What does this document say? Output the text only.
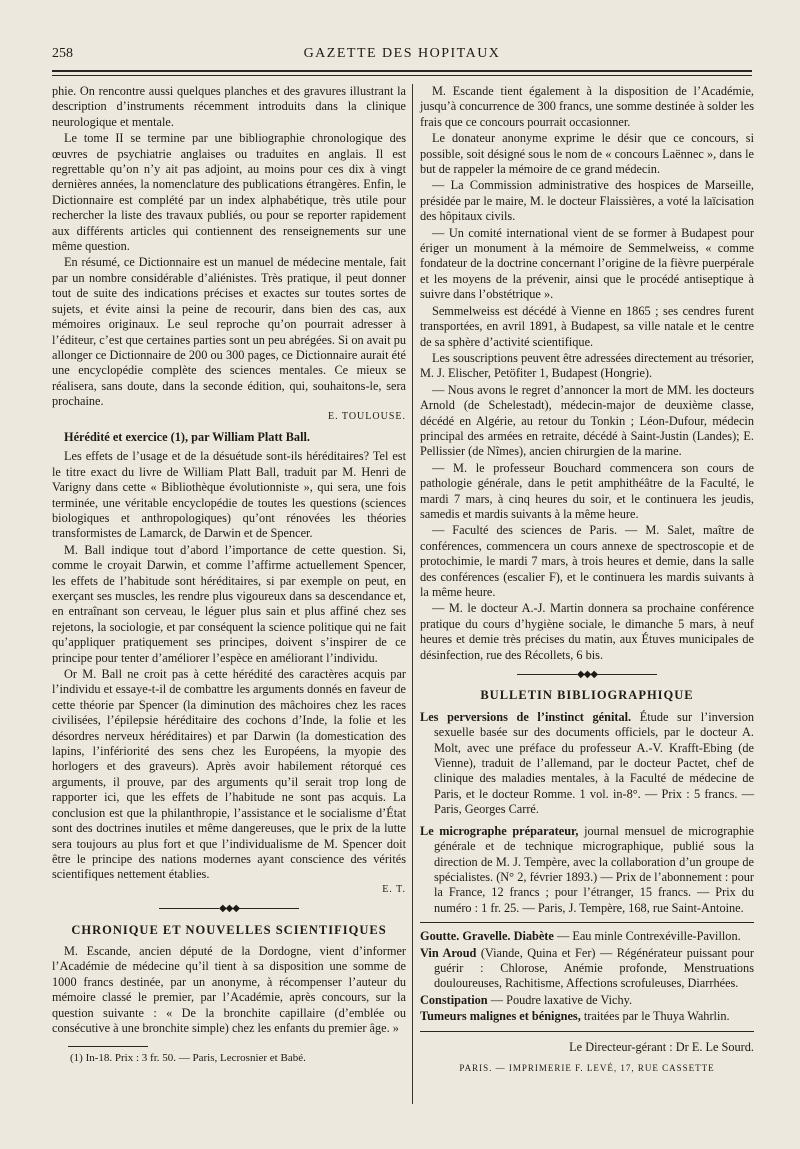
258	GAZETTE DES HOPITAUX

phie. On rencontre aussi quelques planches et des gravures illustrant la description d’instruments récemment introduits dans la clinique neurologique et mentale.

Le tome II se termine par une bibliographie chronologique des œuvres de psychiatrie anglaises ou traduites en anglais. Il est regrettable qu’on n’y ait pas adjoint, au moins pour ces dix à vingt dernières années, la nomenclature des publications étrangères. Enfin, le Dictionnaire est complété par un index alphabétique, très utile pour rechercher la liste des travaux publiés, ou pour se reporter rapidement aux différents articles qui contiennent des renseignements sur une même question.

En résumé, ce Dictionnaire est un manuel de médecine mentale, fait par un nombre considérable d’aliénistes. Très pratique, il peut donner tout de suite des indications précises et exactes sur toutes sortes de sujets, et évite ainsi la peine de recourir, dans bien des cas, aux mémoires originaux. Le seul reproche qu’on pourrait adresser à l’éditeur, c’est que certaines parties sont un peu abrégées. Si on avait pu allonger ce Dictionnaire de 200 ou 300 pages, ce Dictionnaire aurait été une encyclopédie complète des sciences mentales. Ce mieux se réalisera, sans doute, dans la seconde édition, qui, souhaitons-le, sera prochaine.

E. TOULOUSE.
Hérédité et exercice (1), par William Platt Ball.

Les effets de l’usage et de la désuétude sont-ils héréditaires? Tel est le titre exact du livre de William Platt Ball, traduit par M. Henri de Varigny dans cette « Bibliothèque évolutionniste », qui sera, une fois terminée, une véritable encyclopédie de toutes les questions (sciences biologiques et anthropologiques) qu’ont rénovées les théories transformistes de Lamarck, de Darwin et de Spencer.

M. Ball indique tout d’abord l’importance de cette question. Si, comme le croyait Darwin, et comme l’affirme actuellement Spencer, les effets de l’habitude sont héréditaires, si par exemple on peut, en exerçant ses muscles, les rendre plus vigoureux dans sa descendance et, en entraînant son cerveau, le léguer plus sain et plus affiné chez ses rejetons, la sociologie, et par conséquent la science politique qui ne fait qu’appliquer pratiquement ses principes, doivent s’inspirer de ce principe pour tenter d’améliorer l’espèce en améliorant l’individu.

Or M. Ball ne croit pas à cette hérédité des caractères acquis par l’individu et essaye-t-il de combattre les arguments donnés en faveur de cette théorie par Spencer (la diminution des mâchoires chez les races civilisées, l’épilepsie héréditaire des cochons d’Inde, la folie et les désordres nerveux héréditaires) et par Darwin (la domestication des lapins, l’infériorité des sens chez les Européens, la myopie des horlogers et des graveurs). Après avoir habilement rétorqué ces arguments, il prouve, par des arguments qu’il serait trop long de rapporter ici, que les effets de l’habitude ne sont pas acquis. La conclusion est que la philanthropie, l’assistance et le socialisme d’État sont des doctrines inutiles et même dangereuses, que le prix de la lutte sera toujours au plus fort et que l’individualisme de M. Spencer doit être le principe des nations modernes ayant conscience des vérités scientifiques nettement établies.

E. T.
◆◆◆
CHRONIQUE ET NOUVELLES SCIENTIFIQUES

M. Escande, ancien député de la Dordogne, vient d’informer l’Académie de médecine qu’il tient à sa disposition une somme de 1000 francs destinée, par un anonyme, à récompenser l’auteur du mémoire classé le premier, par l’Académie, après concours, sur la question suivante : « De la bronchite capillaire (d’emblée ou consécutive à une bronchite simple) chez les enfants du premier âge. »

(1) In-18. Prix : 3 fr. 50. — Paris, Lecrosnier et Babé.

M. Escande tient également à la disposition de l’Académie, jusqu’à concurrence de 300 francs, une somme destinée à solder les frais que ce concours pourrait occasionner.

Le donateur anonyme exprime le désir que ce concours, si possible, soit désigné sous le nom de « concours Laënnec », dans le but de rappeler la mémoire de ce grand médecin.

— La Commission administrative des hospices de Marseille, présidée par le maire, M. le docteur Flaissières, a voté la laïcisation des hôpitaux civils.

— Un comité international vient de se former à Budapest pour ériger un monument à la mémoire de Semmelweiss, « comme fondateur de la doctrine concernant l’origine de la fièvre puerpérale et les moyens de la prévenir, ainsi que le procédé antiseptique à suivre dans l’obstétrique ».

Semmelweiss est décédé à Vienne en 1865 ; ses cendres furent transportées, en avril 1891, à Budapest, sa ville natale et le centre de sa sphère d’activité scientifique.

Les souscriptions peuvent être adressées directement au trésorier, M. J. Elischer, Petöfiter 1, Budapest (Hongrie).

— Nous avons le regret d’annoncer la mort de MM. les docteurs Arnold (de Schelestadt), médecin-major de deuxième classe, décédé en Algérie, au retour du Tonkin ; Léon-Dufour, médecin principal des armées en retraite, décédé à Saint-Justin (Landes); E. Pellissier (de Nîmes), ancien chirurgien de la marine.

— M. le professeur Bouchard commencera son cours de pathologie générale, dans le petit amphithéâtre de la Faculté, le mardi 7 mars, à cinq heures du soir, et le continuera les jeudis, samedis et mardis suivants à la même heure.

— Faculté des sciences de Paris. — M. Salet, maître de conférences, commencera un cours annexe de spectroscopie et de protochimie, le mardi 7 mars, à trois heures et demie, dans la salle des conférences (escalier F), et le continuera les mardis suivants à la même heure.

— M. le docteur A.-J. Martin donnera sa prochaine conférence pratique du cours d’hygiène sociale, le dimanche 5 mars, à neuf heures et demie très précises du matin, aux Étuves municipales de désinfection, rue des Récollets, 6 bis.

◆◆◆
BULLETIN BIBLIOGRAPHIQUE

Les perversions de l’instinct génital. Étude sur l’inversion sexuelle basée sur des documents officiels, par le docteur A. Molt, avec une préface du professeur A.-V. Krafft-Ebing (de Vienne), traduit de l’allemand, par le docteur Pactet, chef de clinique des maladies mentales, à la Faculté de médecine de Paris, et le docteur Romme. 1 vol. in-8°. — Prix : 5 francs. — Paris, Georges Carré.

Le micrographe préparateur, journal mensuel de micrographie générale et de technique micrographique, publié sous la direction de M. J. Tempère, avec la collaboration d’un groupe de spécialistes. (N° 2, février 1893.) — Prix de l’abonnement : pour la France, 12 francs ; pour l’étranger, 15 francs. — Prix du numéro : 1 fr. 25. — Paris, J. Tempère, 168, rue Saint-Antoine.

Goutte. Gravelle. Diabète — Eau minle Contrexéville-Pavillon.

Vin Aroud (Viande, Quina et Fer) — Régénérateur puissant pour guérir : Chlorose, Anémie profonde, Menstruations douloureuses, Rachitisme, Affections scrofuleuses, Diarrhées.

Constipation — Poudre laxative de Vichy.

Tumeurs malignes et bénignes, traitées par le Thuya Wahrlin.

Le Directeur-gérant : Dr E. Le Sourd.
PARIS. — IMPRIMERIE F. LEVÉ, 17, RUE CASSETTE
